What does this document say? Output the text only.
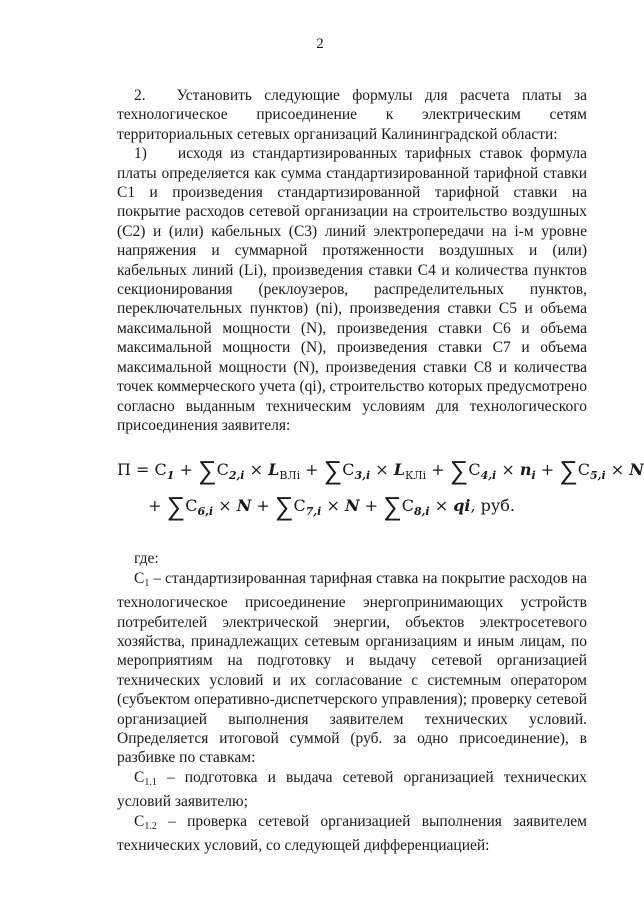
2

2.  Установить следующие формулы для расчета платы за технологическое присоединение к электрическим сетям территориальных сетевых организаций Калининградской области:

1)  исходя из стандартизированных тарифных ставок формула платы определяется как сумма стандартизированной тарифной ставки С1 и произведения стандартизированной тарифной ставки на покрытие расходов сетевой организации на строительство воздушных (С2) и (или) кабельных (С3) линий электропередачи на i-м уровне напряжения и суммарной протяженности воздушных и (или) кабельных линий (Li), произведения ставки С4 и количества пунктов секционирования (реклоузеров, распределительных пунктов, переключательных пунктов) (ni), произведения ставки С5 и объема максимальной мощности (N), произведения ставки С6 и объема максимальной мощности (N), произведения ставки С7 и объема максимальной мощности (N), произведения ставки С8 и количества точек коммерческого учета (qi), строительство которых предусмотрено согласно выданным техническим условиям для технологического присоединения заявителя:

$П = С_1 + \sum С_{2,i} \times L_{ВЛi} + \sum С_{3,i} \times L_{КЛi} + \sum С_{4,i} \times n_i + \sum С_{5,i} \times N$
+ $\sum С_{6,i} \times N + \sum С_{7,i} \times N + \sum С_{8,i}$ × qi, руб.

где:

С1 – стандартизированная тарифная ставка на покрытие расходов на технологическое присоединение энергопринимающих устройств потребителей электрической энергии, объектов электросетевого хозяйства, принадлежащих сетевым организациям и иным лицам, по мероприятиям на подготовку и выдачу сетевой организацией технических условий и их согласование с системным оператором (субъектом оперативно-диспетчерского управления); проверку сетевой организацией выполнения заявителем технических условий. Определяется итоговой суммой (руб. за одно присоединение), в разбивке по ставкам:

С1.1 – подготовка и выдача сетевой организацией технических условий заявителю;

С1.2 – проверка сетевой организацией выполнения заявителем технических условий, со следующей дифференциацией:
